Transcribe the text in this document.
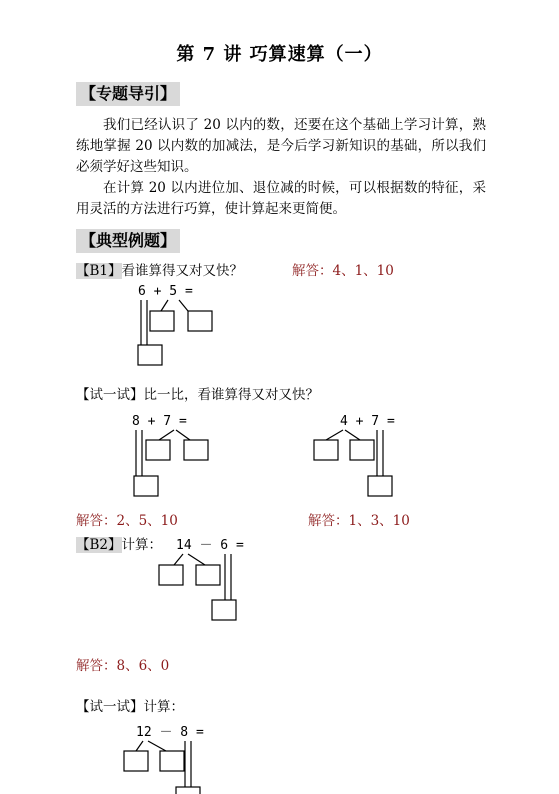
第 7 讲 巧算速算（一）
【专题导引】
我们已经认识了 20 以内的数，还要在这个基础上学习计算，熟练地掌握 20 以内数的加减法，是今后学习新知识的基础，所以我们必须学好这些知识。
在计算 20 以内进位加、退位减的时候，可以根据数的特征，采用灵活的方法进行巧算，使计算起来更简便。
【典型例题】
【B1】看谁算得又对又快？	解答：4、1、10
6 + 5 =
【试一试】比一比，看谁算得又对又快？
8 + 7 =	4 + 7 =
解答：2、5、10	解答：1、3、10
【B2】计算： 14 － 6 =
解答：8、6、0
【试一试】计算：
12 － 8 =
